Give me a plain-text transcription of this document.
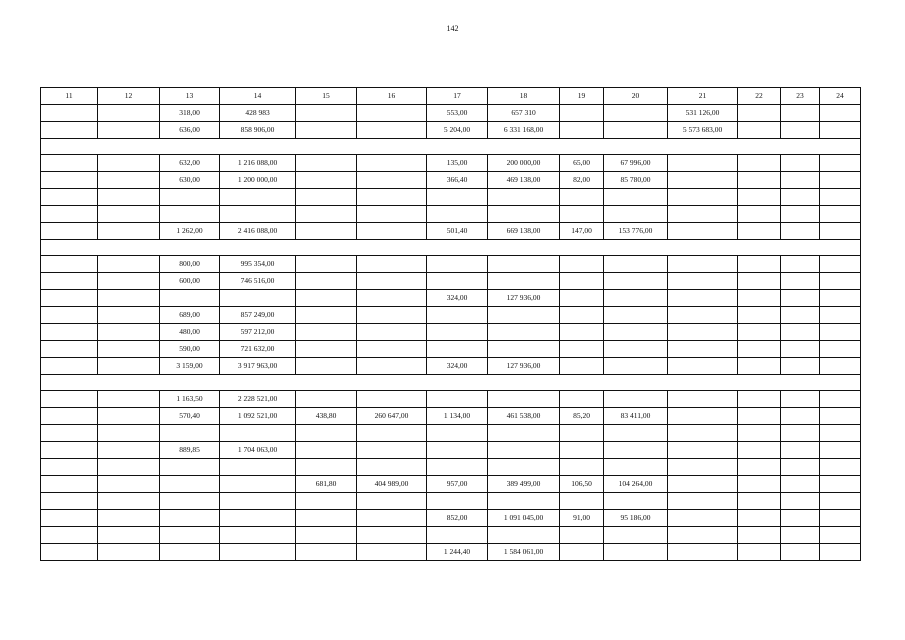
142
11	12	13	14	15	16	17	18	19	20	21	22	23	24
		318,00	428 983			553,00	657 310			531 126,00			
		636,00	858 906,00			5 204,00	6 331 168,00			5 573 683,00			

		632,00	1 216 088,00			135,00	200 000,00	65,00	67 996,00				
		630,00	1 200 000,00			366,40	469 138,00	82,00	85 780,00				

		1 262,00	2 416 088,00			501,40	669 138,00	147,00	153 776,00				

		800,00	995 354,00										
		600,00	746 516,00										
						324,00	127 936,00						
		689,00	857 249,00										
		480,00	597 212,00										
		590,00	721 632,00										
		3 159,00	3 917 963,00			324,00	127 936,00						

		1 163,50	2 228 521,00										
		570,40	1 092 521,00	438,80	260 647,00	1 134,00	461 538,00	85,20	83 411,00				

		889,85	1 704 063,00										

				681,80	404 989,00	957,00	389 499,00	106,50	104 264,00				

						852,00	1 091 045,00	91,00	95 186,00				

						1 244,40	1 584 061,00						
